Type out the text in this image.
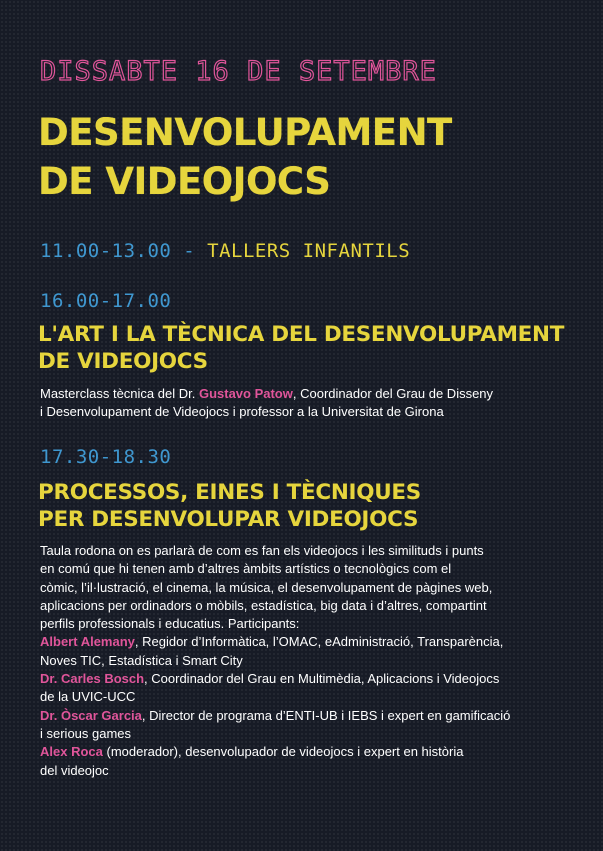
DISSABTE 16 DE SETEMBRE

DESENVOLUPAMENT
DE VIDEOJOCS

11.00-13.00 - TALLERS INFANTILS

16.00-17.00

L'ART I LA TÈCNICA DEL DESENVOLUPAMENT
DE VIDEOJOCS

Masterclass tècnica del Dr. Gustavo Patow, Coordinador del Grau de Disseny
i Desenvolupament de Videojocs i professor a la Universitat de Girona

17.30-18.30

PROCESSOS, EINES I TÈCNIQUES
PER DESENVOLUPAR VIDEOJOCS
Taula rodona on es parlarà de com es fan els videojocs i les similituds i punts
en comú que hi tenen amb d’altres àmbits artístics o tecnològics com el
còmic, l’il·lustració, el cinema, la música, el desenvolupament de pàgines web,
aplicacions per ordinadors o mòbils, estadística, big data i d’altres, compartint
perfils professionals i educatius. Participants:
Albert Alemany, Regidor d’Informàtica, l’OMAC, eAdministració, Transparència,
Noves TIC, Estadística i Smart City
Dr. Carles Bosch, Coordinador del Grau en Multimèdia, Aplicacions i Videojocs
de la UVIC-UCC
Dr. Òscar Garcia, Director de programa d’ENTI-UB i IEBS i expert en gamificació
i serious games
Alex Roca (moderador), desenvolupador de videojocs i expert en història
del videojoc
